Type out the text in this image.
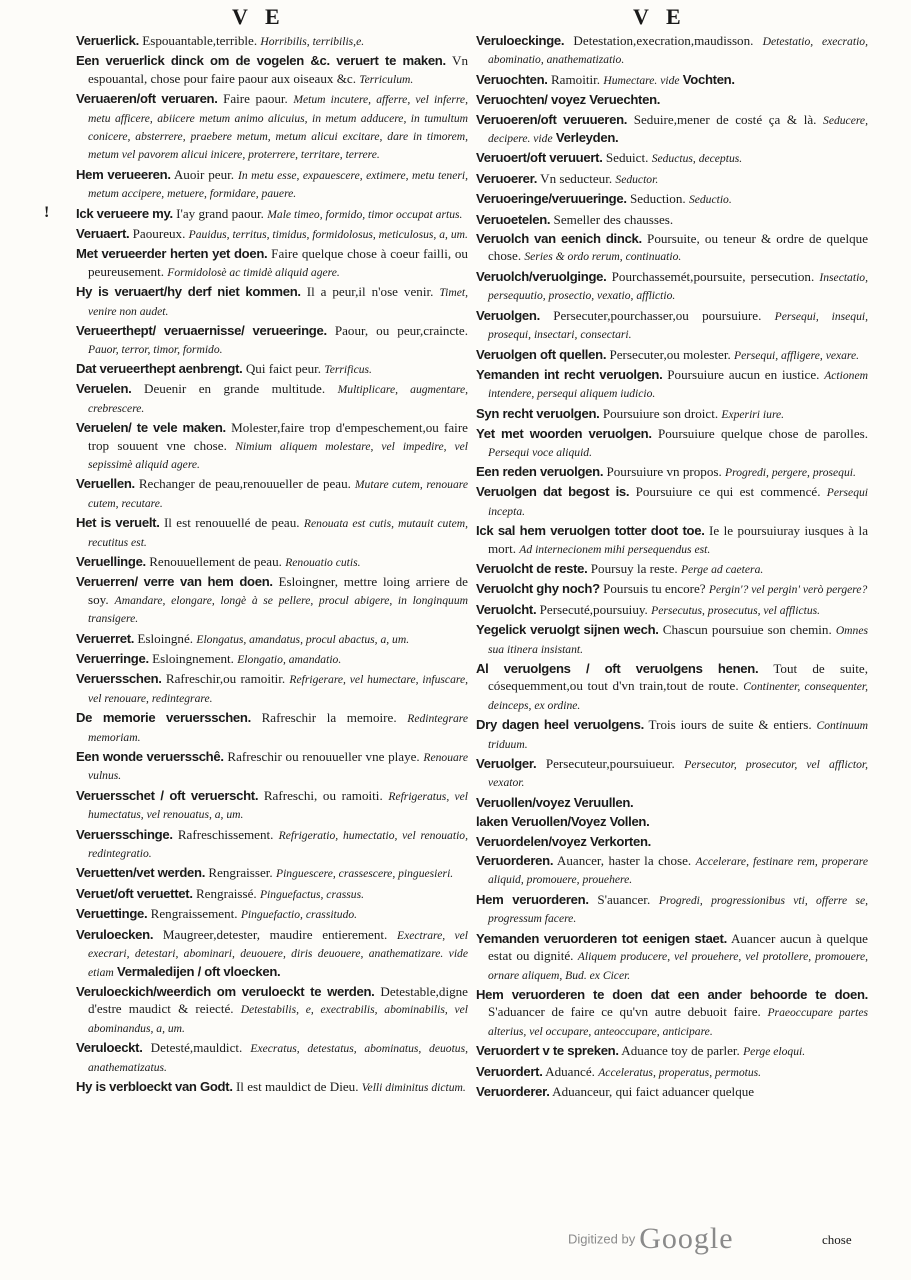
V E	V E
!

Veruerlick. Espouantable,terrible. Horribilis, terribilis,e.

Een veruerlick dinck om de vogelen &c. veruert te maken. Vn espouantal, chose pour faire paour aux oiseaux &c. Terriculum.

Veruaeren/oft veruaren. Faire paour. Metum incutere, afferre, vel inferre, metu afficere, abiicere metum animo alicuius, in metum adducere, in tumultum conicere, absterrere, praebere metum, metum alicui excitare, dare in timorem, metum vel pavorem alicui inicere, proterrere, territare, terrere.

Hem verueeren. Auoir peur. In metu esse, expauescere, extimere, metu teneri, metum accipere, metuere, formidare, pauere.

Ick verueere my. I'ay grand paour. Male timeo, formido, timor occupat artus.

Veruaert. Paoureux. Pauidus, territus, timidus, formidolosus, meticulosus, a, um.

Met verueerder herten yet doen. Faire quelque chose à coeur failli, ou peureusement. Formidolosè ac timidè aliquid agere.

Hy is veruaert/hy derf niet kommen. Il a peur,il n'ose venir. Timet, venire non audet.

Verueerthept/ veruaernisse/ verueeringe. Paour, ou peur,craincte. Pauor, terror, timor, formido.

Dat verueerthept aenbrengt. Qui faict peur. Terrificus.

Veruelen. Deuenir en grande multitude. Multiplicare, augmentare, crebrescere.

Veruelen/ te vele maken. Molester,faire trop d'empeschement,ou faire trop souuent vne chose. Nimium aliquem molestare, vel impedire, vel sepissimè aliquid agere.

Veruellen. Rechanger de peau,renouueller de peau. Mutare cutem, renouare cutem, recutare.

Het is veruelt. Il est renouuellé de peau. Renouata est cutis, mutauit cutem, recutitus est.

Veruellinge. Renouuellement de peau. Renouatio cutis.

Veruerren/ verre van hem doen. Esloingner, mettre loing arriere de soy. Amandare, elongare, longè à se pellere, procul abigere, in longinquum transigere.

Veruerret. Esloingné. Elongatus, amandatus, procul abactus, a, um.

Veruerringe. Esloingnement. Elongatio, amandatio.

Veruersschen. Rafreschir,ou ramoitir. Refrigerare, vel humectare, infuscare, vel renouare, redintegrare.

De memorie veruersschen. Rafreschir la memoire. Redintegrare memoriam.

Een wonde veruersschê. Rafreschir ou renouueller vne playe. Renouare vulnus.

Veruersschet / oft veruerscht. Rafreschi, ou ramoiti. Refrigeratus, vel humectatus, vel renouatus, a, um.

Veruersschinge. Rafreschissement. Refrigeratio, humectatio, vel renouatio, redintegratio.

Veruetten/vet werden. Rengraisser. Pinguescere, crassescere, pinguesieri.

Veruet/oft veruettet. Rengraissé. Pinguefactus, crassus.

Veruettinge. Rengraissement. Pinguefactio, crassitudo.

Veruloecken. Maugreer,detester, maudire entierement. Exectrare, vel execrari, detestari, abominari, deuouere, diris deuouere, anathematizare. vide etiam Vermaledijen / oft vloecken.

Veruloeckich/weerdich om veruloeckt te werden. Detestable,digne d'estre maudict & reiecté. Detestabilis, e, exectrabilis, abominabilis, vel abominandus, a, um.

Veruloeckt. Detesté,mauldict. Execratus, detestatus, abominatus, deuotus, anathematizatus.

Hy is verbloeckt van Godt. Il est mauldict de Dieu. Velli diminitus dictum.

Veruloeckinge. Detestation,execration,maudisson. Detestatio, execratio, abominatio, anathematizatio.

Veruochten. Ramoitir. Humectare. vide Vochten.

Veruochten/ voyez Veruechten.

Veruoeren/oft veruueren. Seduire,mener de costé ça & là. Seducere, decipere. vide Verleyden.

Veruoert/oft veruuert. Seduict. Seductus, deceptus.

Veruoerer. Vn seducteur. Seductor.

Veruoeringe/veruueringe. Seduction. Seductio.

Veruoetelen. Semeller des chausses.

Veruolch van eenich dinck. Poursuite, ou teneur & ordre de quelque chose. Series & ordo rerum, continuatio.

Veruolch/veruolginge. Pourchassemét,poursuite, persecution. Insectatio, persequutio, prosectio, vexatio, afflictio.

Veruolgen. Persecuter,pourchasser,ou poursuiure. Persequi, insequi, prosequi, insectari, consectari.

Veruolgen oft quellen. Persecuter,ou molester. Persequi, affligere, vexare.

Yemanden int recht veruolgen. Poursuiure aucun en iustice. Actionem intendere, persequi aliquem iudicio.

Syn recht veruolgen. Poursuiure son droict. Experiri iure.

Yet met woorden veruolgen. Poursuiure quelque chose de parolles. Persequi voce aliquid.

Een reden veruolgen. Poursuiure vn propos. Progredi, pergere, prosequi.

Veruolgen dat begost is. Poursuiure ce qui est commencé. Persequi incepta.

Ick sal hem veruolgen totter doot toe. Ie le poursuiuray iusques à la mort. Ad internecionem mihi persequendus est.

Veruolcht de reste. Poursuy la reste. Perge ad caetera.

Veruolcht ghy noch? Poursuis tu encore? Pergin'? vel pergin' verò pergere?

Veruolcht. Persecuté,poursuiuy. Persecutus, prosecutus, vel afflictus.

Yegelick veruolgt sijnen wech. Chascun poursuiue son chemin. Omnes sua itinera insistant.

Al veruolgens / oft veruolgens henen. Tout de suite, cósequemment,ou tout d'vn train,tout de route. Continenter, consequenter, deinceps, ex ordine.

Dry dagen heel veruolgens. Trois iours de suite & entiers. Continuum triduum.

Veruolger. Persecuteur,poursuiueur. Persecutor, prosecutor, vel afflictor, vexator.

Veruollen/voyez Veruullen.

laken Veruollen/Voyez Vollen.

Veruordelen/voyez Verkorten.

Veruorderen. Auancer, haster la chose. Accelerare, festinare rem, properare aliquid, promouere, prouehere.

Hem veruorderen. S'auancer. Progredi, progressionibus vti, offerre se, progressum facere.

Yemanden veruorderen tot eenigen staet. Auancer aucun à quelque estat ou dignité. Aliquem producere, vel prouehere, vel protollere, promouere, ornare aliquem, Bud. ex Cicer.

Hem veruorderen te doen dat een ander behoorde te doen. S'aduancer de faire ce qu'vn autre debuoit faire. Praeoccupare partes alterius, vel occupare, anteoccupare, anticipare.

Veruordert v te spreken. Aduance toy de parler. Perge eloqui.

Veruordert. Aduancé. Acceleratus, properatus, permotus.

Veruorderer. Aduanceur, qui faict aduancer quelque

chose
Digitized by Google
